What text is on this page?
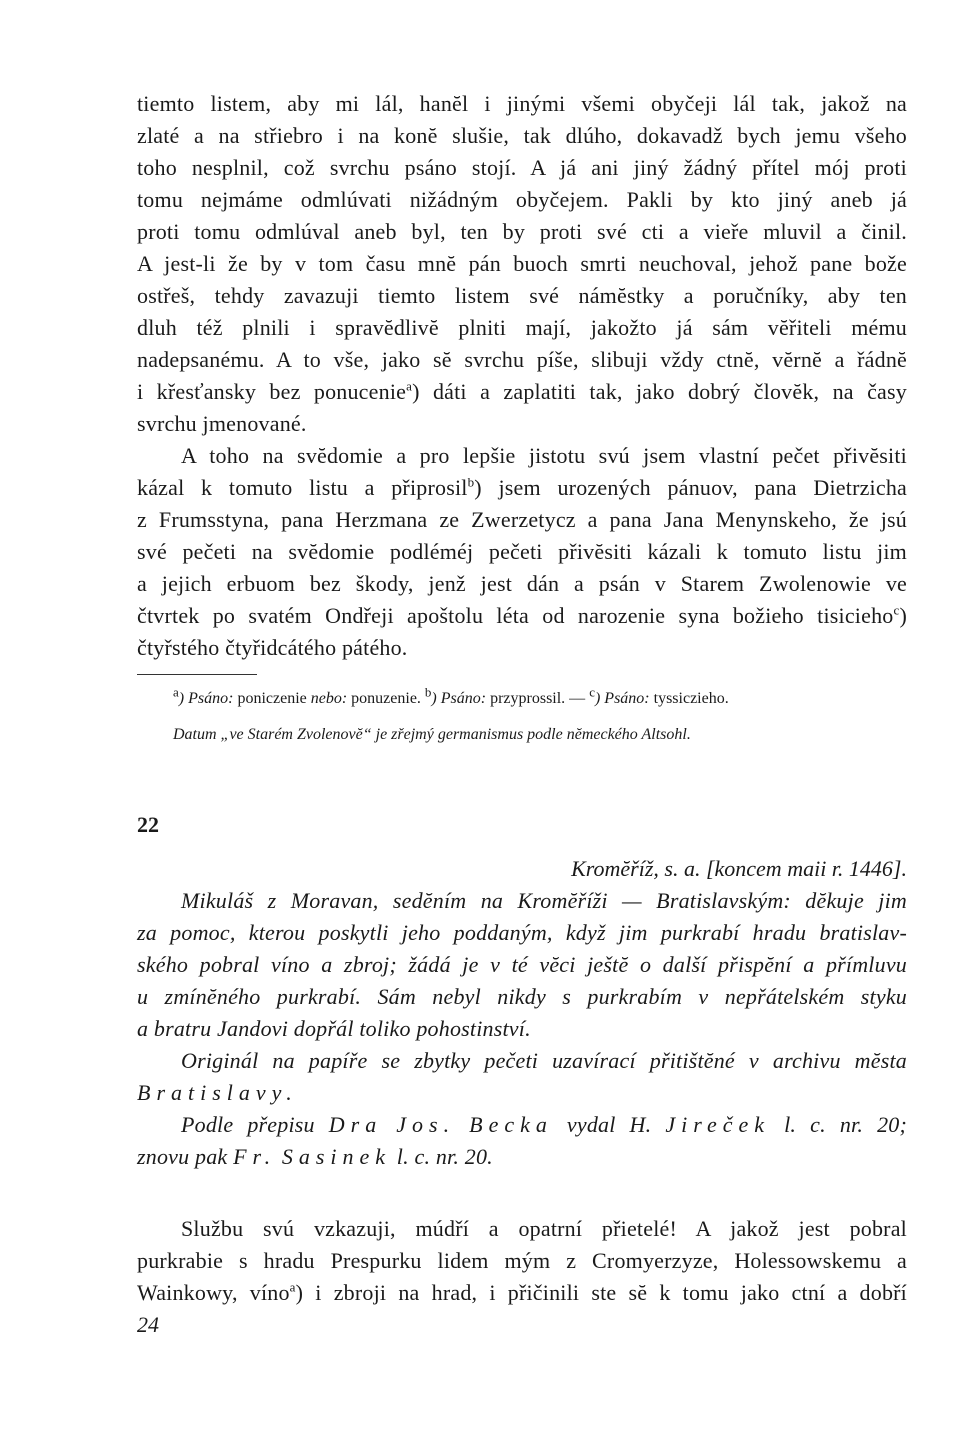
tiemto listem, aby mi lál, hanĕl i jinými všemi obyčeji lál tak, jakož na
zlaté a na střiebro i na konĕ slušie, tak dlúho, dokavadž bych jemu všeho
toho nesplnil, což svrchu psáno stojí. A já ani jiný žádný přítel mój proti
tomu nejmáme odmlúvati nižádným obyčejem. Pakli by kto jiný aneb já
proti tomu odmlúval aneb byl, ten by proti své cti a vieře mluvil a činil.
A jest-li že by v tom času mnĕ pán buoch smrti neuchoval, jehož pane bože
ostřeš, tehdy zavazuji tiemto listem své námĕstky a poručníky, aby ten
dluh též plnili i spravĕdlivĕ plniti mají, jakožto já sám vĕřiteli mému
nadepsanému. A to vše, jako sĕ svrchu píše, slibuji vždy ctnĕ, vĕrnĕ a řádnĕ
i křesťansky bez ponucenie$^a$) dáti a zaplatiti tak, jako dobrý človĕk, na časy
svrchu jmenované.
A toho na svĕdomie a pro lepšie jistotu svú jsem vlastní pečet přivĕsiti
kázal k tomuto listu a připrosil$^b$) jsem urozených pánuov, pana Dietrzicha
z Frumsstyna, pana Herzmana ze Zwerzetycz a pana Jana Menynskeho, že jsú
své pečeti na svĕdomie podléméj pečeti přivĕsiti kázali k tomuto listu jim
a jejich erbuom bez škody, jenž jest dán a psán v Starem Zwolenowie ve
čtvrtek po svatém Ondřeji apoštolu léta od narozenie syna božieho tisicieho$^c$)
čtyřstého čtyřidcátého pátého.
$^a$) Psáno: poniczenie nebo: ponuzenie. $^b$) Psáno: przyprossil. — $^c$) Psáno: tyssiczieho.
Datum „ve Starém Zvolenovĕ“ je zřejmý germanismus podle nĕmeckého Altsohl.
22
Kromĕříž, s. a. [koncem maii r. 1446].
Mikuláš z Moravan, sedĕním na Kromĕříži — Bratislavským: dĕkuje jim
za pomoc, kterou poskytli jeho poddaným, když jim purkrabí hradu bratislav-
ského pobral víno a zbroj; žádá je v té vĕci ještĕ o další přispĕní a přímluvu
u zmínĕného purkrabí. Sám nebyl nikdy s purkrabím v nepřátelském styku
a bratru Jandovi dopřál toliko pohostinství.
Originál na papíře se zbytky pečeti uzavírací přitištĕné v archivu mĕsta
Bratislavy.
Podle přepisu Dra Jos. Becka vydal H. Jireček l. c. nr. 20;
znovu pak Fr. Sasinek l. c. nr. 20.
Službu svú vzkazuji, múdří a opatrní přietelé! A jakož jest pobral
purkrabie s hradu Prespurku lidem mým z Cromyerzyze, Holessowskemu a
Wainkowy, víno$^a$) i zbroji na hrad, i přičinili ste sĕ k tomu jako ctní a dobří
24
